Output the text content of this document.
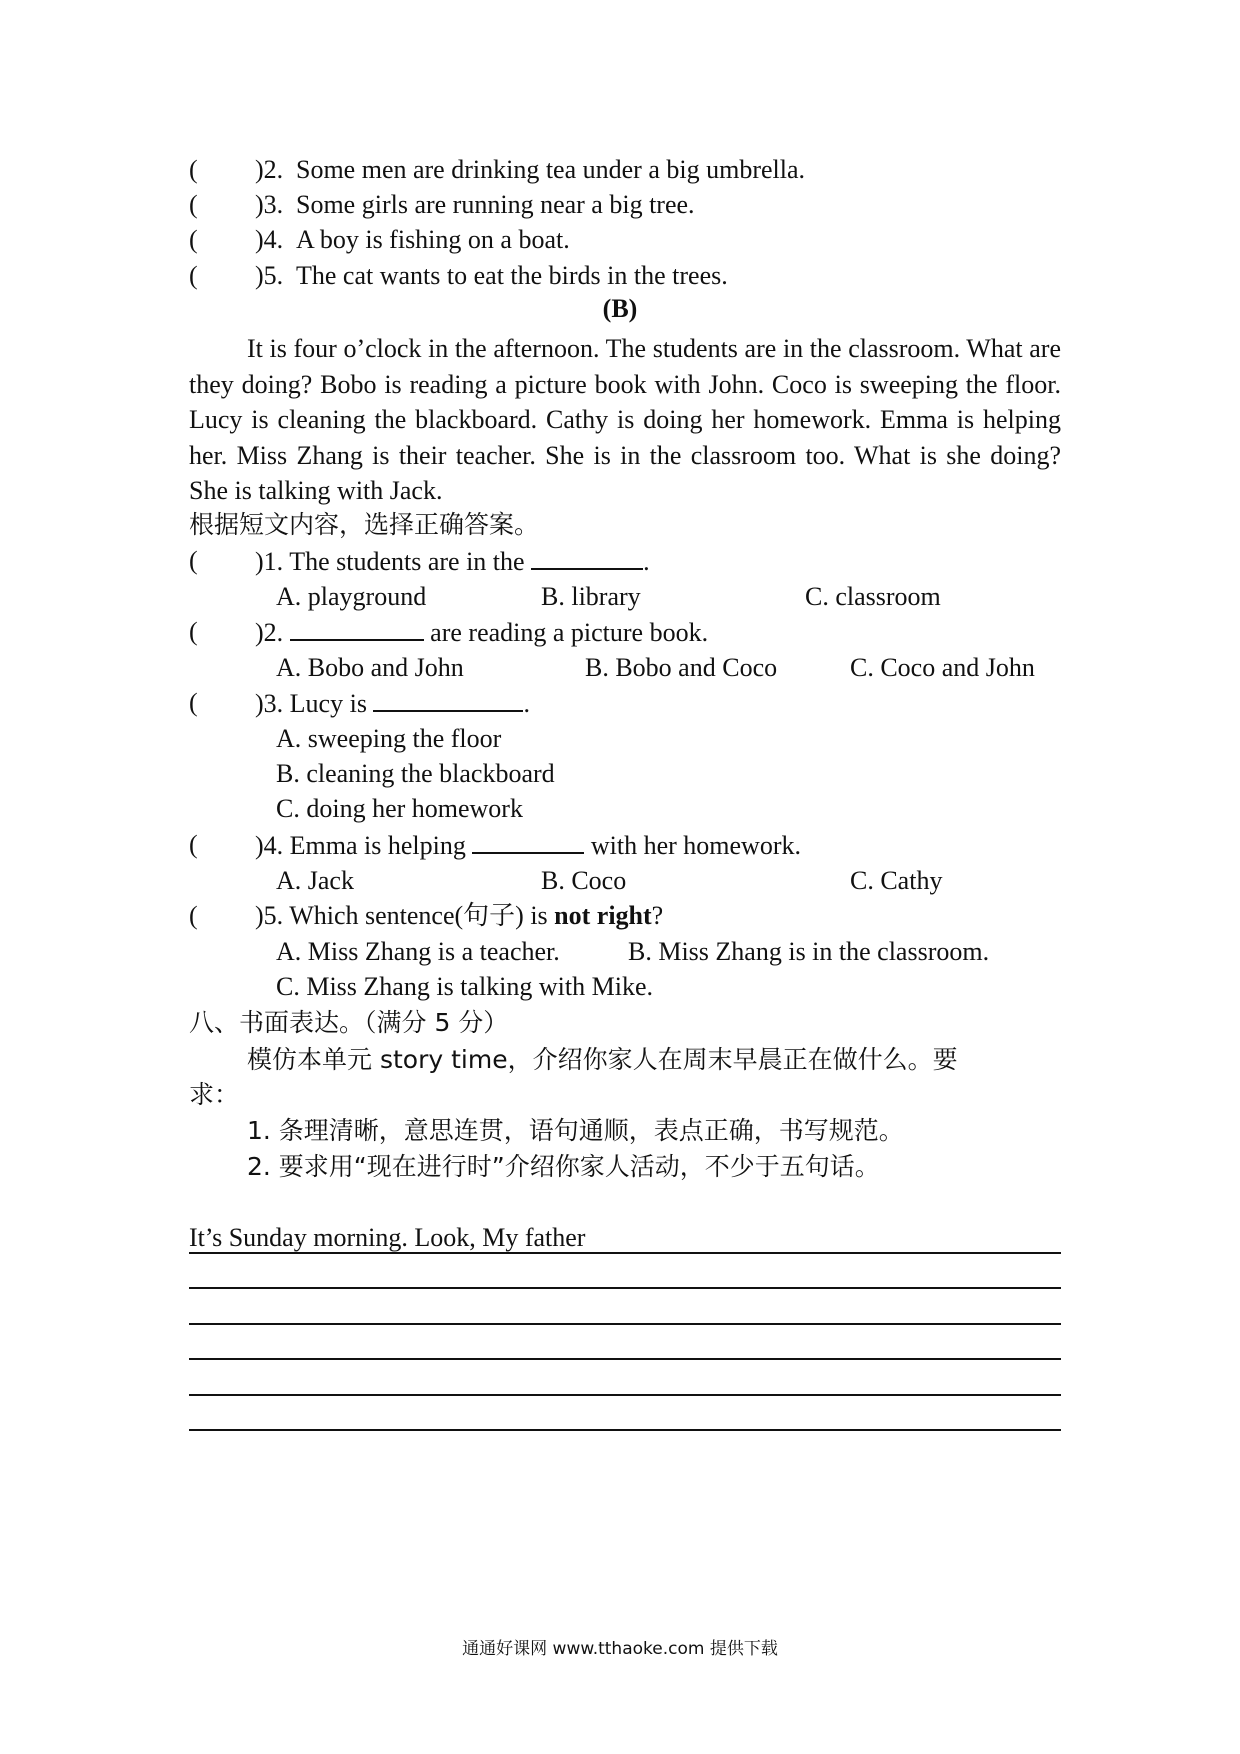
( )2. Some men are drinking tea under a big umbrella.
( )3. Some girls are running near a big tree.
( )4. A boy is fishing on a boat.
( )5. The cat wants to eat the birds in the trees.
(B)
It is four o’clock in the afternoon. The students are in the classroom. What are they doing? Bobo is reading a picture book with John. Coco is sweeping the floor. Lucy is cleaning the blackboard. Cathy is doing her homework. Emma is helping her. Miss Zhang is their teacher. She is in the classroom too. What is she doing? She is talking with Jack.
根据短文内容，选择正确答案。
( )1. The students are in the	.
A. playground	B. library	C. classroom
( )2.	are reading a picture book.
A. Bobo and John	B. Bobo and Coco	C. Coco and John
( )3. Lucy is	.
A. sweeping the floor
B. cleaning the blackboard
C. doing her homework
( )4. Emma is helping	with her homework.
A. Jack	B. Coco	C. Cathy
( )5. Which sentence(句子) is not right?
A. Miss Zhang is a teacher.	B. Miss Zhang is in the classroom.
C. Miss Zhang is talking with Mike.
八、书面表达。（满分 5 分）
模仿本单元 story time，介绍你家人在周末早晨正在做什么。要
求：
1. 条理清晰，意思连贯，语句通顺，表点正确，书写规范。
2. 要求用“现在进行时”介绍你家人活动，不少于五句话。
It’s Sunday morning. Look, My father
通通好课网 www.tthaoke.com 提供下载
